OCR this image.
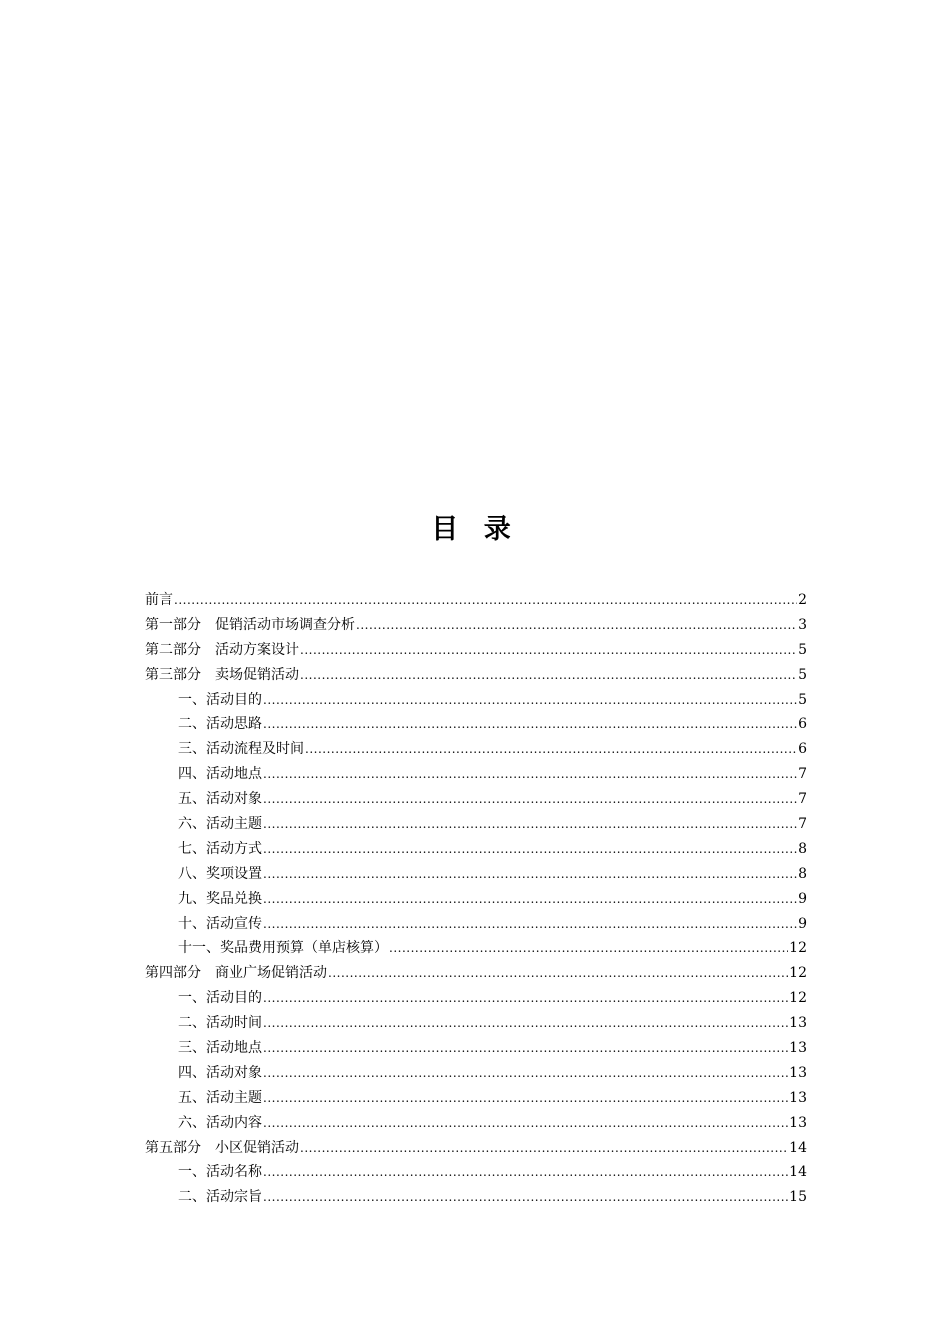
目 录
前言 .....	2
第一部分　促销活动市场调查分析 .....	3
第二部分　活动方案设计 .....	5
第三部分　卖场促销活动 .....	5
一、活动目的 .....	5
二、活动思路 .....	6
三、活动流程及时间 .....	6
四、活动地点 .....	7
五、活动对象 .....	7
六、活动主题 .....	7
七、活动方式 .....	8
八、奖项设置 .....	8
九、奖品兑换 .....	9
十、活动宣传 .....	9
十一、奖品费用预算（单店核算） .....	12
第四部分　商业广场促销活动 .....	12
一、活动目的 .....	12
二、活动时间 .....	13
三、活动地点 .....	13
四、活动对象 .....	13
五、活动主题 .....	13
六、活动内容 .....	13
第五部分　小区促销活动 .....	14
一、活动名称 .....	14
二、活动宗旨 .....	15
